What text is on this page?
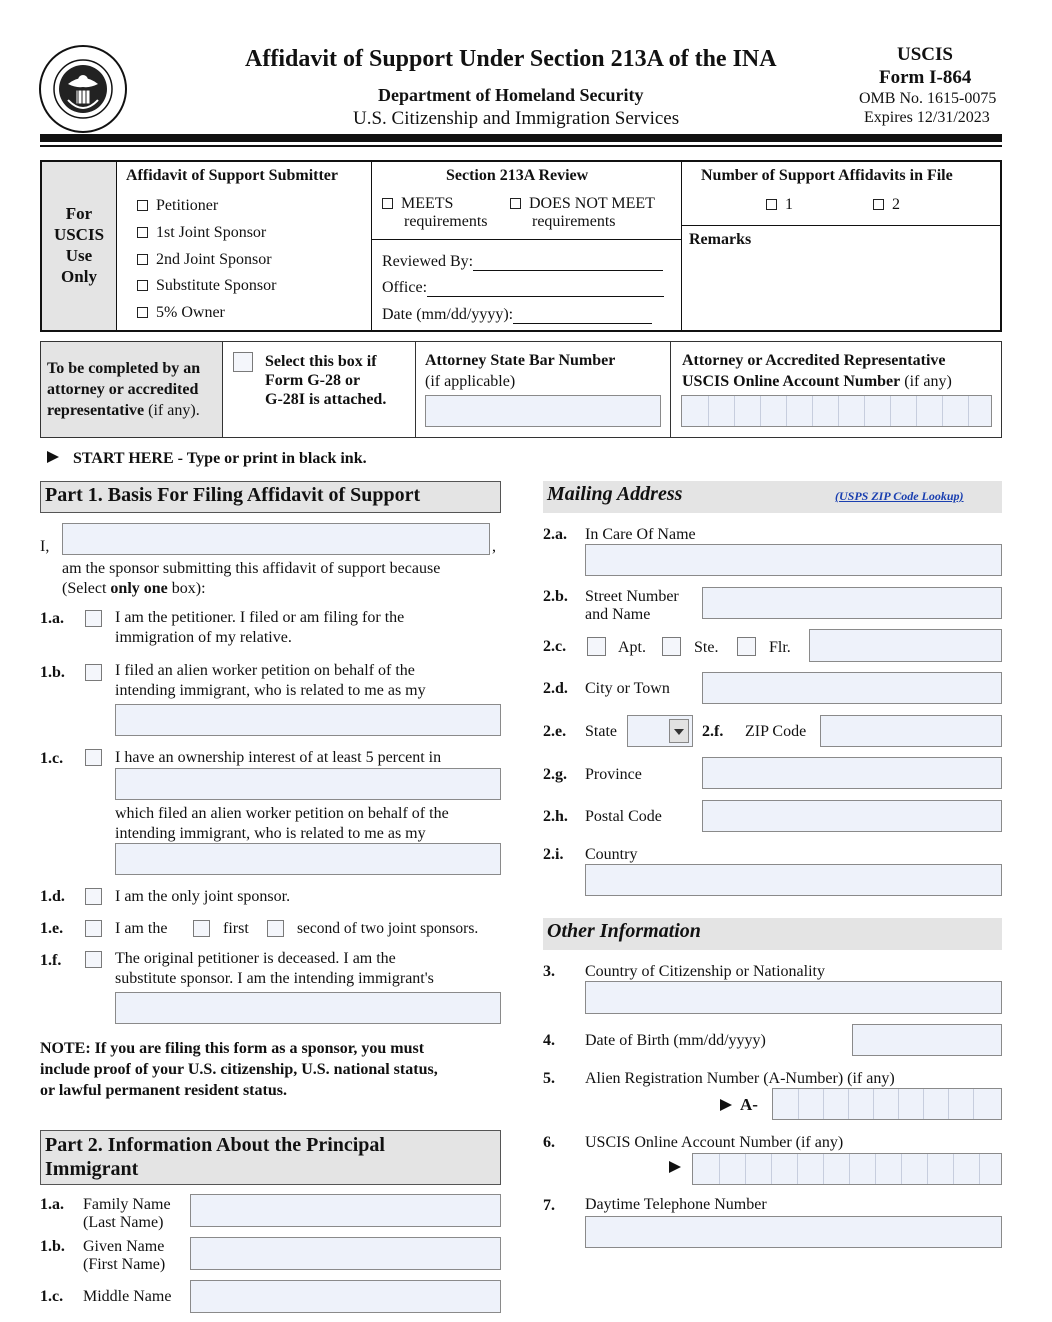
Affidavit of Support Under Section 213A of the INA
Department of Homeland Security
U.S. Citizenship and Immigration Services
USCIS
Form I-864
OMB No. 1615-0075
Expires 12/31/2023
For
USCIS
Use
Only
Affidavit of Support Submitter
Petitioner
1st Joint Sponsor
2nd Joint Sponsor
Substitute Sponsor
5% Owner
Section 213A Review
MEETS
requirements
DOES NOT MEET
requirements
Reviewed By:
Office:
Date (mm/dd/yyyy):
Number of Support Affidavits in File
1	2
Remarks
To be completed by an
attorney or accredited
representative (if any).
Select this box if
Form G-28 or
G-28I is attached.
Attorney State Bar Number
(if applicable)
Attorney or Accredited Representative
USCIS Online Account Number (if any)
START HERE - Type or print in black ink.
Part 1. Basis For Filing Affidavit of Support
I,	,
am the sponsor submitting this affidavit of support because
(Select only one box):
1.a.	I am the petitioner. I filed or am filing for the
immigration of my relative.
1.b.	I filed an alien worker petition on behalf of the
intending immigrant, who is related to me as my
1.c.	I have an ownership interest of at least 5 percent in
which filed an alien worker petition on behalf of the
intending immigrant, who is related to me as my
1.d.	I am the only joint sponsor.
1.e.	I am the	first	second of two joint sponsors.
1.f.	The original petitioner is deceased. I am the
substitute sponsor. I am the intending immigrant's
NOTE: If you are filing this form as a sponsor, you must
include proof of your U.S. citizenship, U.S. national status,
or lawful permanent resident status.
Part 2. Information About the Principal
Immigrant
1.a. Family Name
(Last Name)
1.b. Given Name
(First Name)
1.c. Middle Name
Mailing Address	(USPS ZIP Code Lookup)
2.a. In Care Of Name
2.b. Street Number
and Name
2.c.	Apt.	Ste.	Flr.
2.d. City or Town
2.e. State	2.f. ZIP Code
2.g. Province
2.h. Postal Code
2.i. Country
Other Information
3. Country of Citizenship or Nationality
4. Date of Birth (mm/dd/yyyy)
5. Alien Registration Number (A-Number) (if any)
A-
6. USCIS Online Account Number (if any)
7. Daytime Telephone Number
